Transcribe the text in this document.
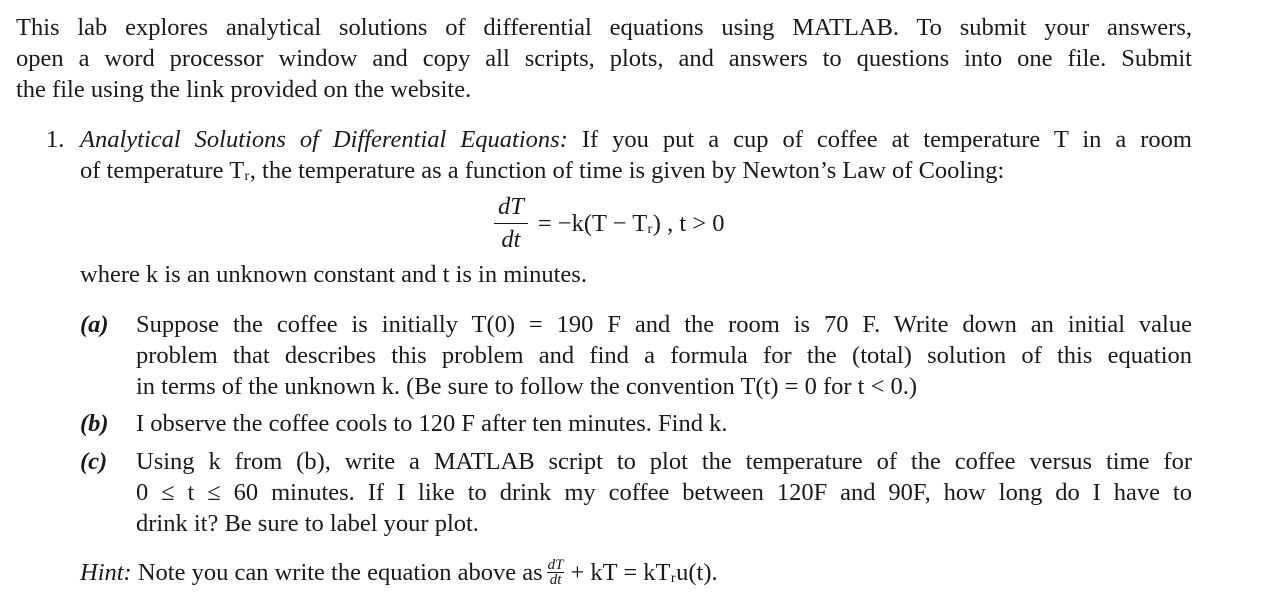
This lab explores analytical solutions of differential equations using MATLAB. To submit your answers,
open a word processor window and copy all scripts, plots, and answers to questions into one file. Submit
the file using the link provided on the website.
1. Analytical Solutions of Differential Equations: If you put a cup of coffee at temperature T in a room
of temperature Tᵣ, the temperature as a function of time is given by Newton’s Law of Cooling:
$\frac{dT}{dt} = -k(T$ − Tᵣ) , t > 0
where k is an unknown constant and t is in minutes.
(a) Suppose the coffee is initially T(0) = 190 F and the room is 70 F. Write down an initial value
problem that describes this problem and find a formula for the (total) solution of this equation
in terms of the unknown k. (Be sure to follow the convention T(t) = 0 for t < 0.)
(b) I observe the coffee cools to 120 F after ten minutes. Find k.
(c) Using k from (b), write a MATLAB script to plot the temperature of the coffee versus time for
0 ≤ t ≤ 60 minutes. If I like to drink my coffee between 120F and 90F, how long do I have to
drink it? Be sure to label your plot.
Hint: Note you can write the equation above as $\frac{dT}{dt}$ + kT = kTᵣu(t).
